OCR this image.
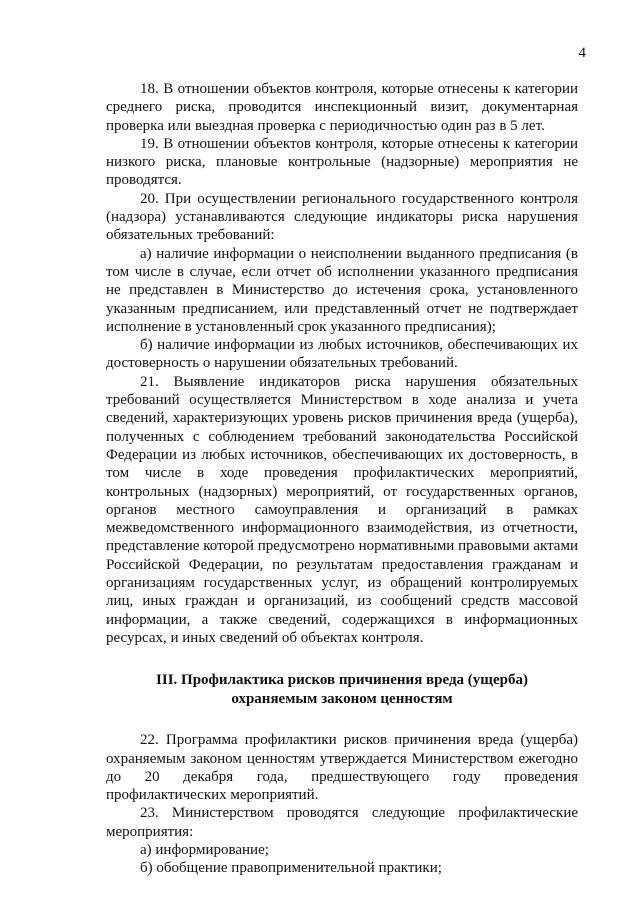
4

18. В отношении объектов контроля, которые отнесены к категории среднего риска, проводится инспекционный визит, документарная проверка или выездная проверка с периодичностью один раз в 5 лет.

19. В отношении объектов контроля, которые отнесены к категории низкого риска, плановые контрольные (надзорные) мероприятия не проводятся.

20. При осуществлении регионального государственного контроля (надзора) устанавливаются следующие индикаторы риска нарушения обязательных требований:

а) наличие информации о неисполнении выданного предписания (в том числе в случае, если отчет об исполнении указанного предписания не представлен в Министерство до истечения срока, установленного указанным предписанием, или представленный отчет не подтверждает исполнение в установленный срок указанного предписания);

б) наличие информации из любых источников, обеспечивающих их достоверность о нарушении обязательных требований.

21. Выявление индикаторов риска нарушения обязательных требований осуществляется Министерством в ходе анализа и учета сведений, характеризующих уровень рисков причинения вреда (ущерба), полученных с соблюдением требований законодательства Российской Федерации из любых источников, обеспечивающих их достоверность, в том числе в ходе проведения профилактических мероприятий, контрольных (надзорных) мероприятий, от государственных органов, органов местного самоуправления и организаций в рамках межведомственного информационного взаимодействия, из отчетности, представление которой предусмотрено нормативными правовыми актами Российской Федерации, по результатам предоставления гражданам и организациям государственных услуг, из обращений контролируемых лиц, иных граждан и организаций, из сообщений средств массовой информации, а также сведений, содержащихся в информационных ресурсах, и иных сведений об объектах контроля.

III. Профилактика рисков причинения вреда (ущерба)
охраняемым законом ценностям

22. Программа профилактики рисков причинения вреда (ущерба) охраняемым законом ценностям утверждается Министерством ежегодно до 20 декабря года, предшествующего году проведения профилактических мероприятий.

23. Министерством проводятся следующие профилактические мероприятия:

а) информирование;

б) обобщение правоприменительной практики;
